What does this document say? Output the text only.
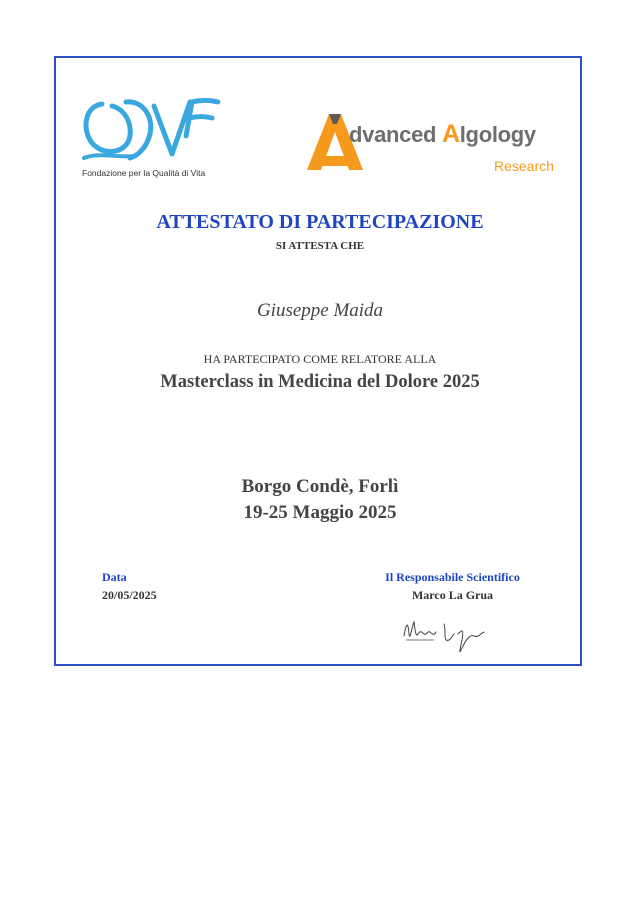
Fondazione per la Qualità di Vita
dvanced Algology
Research
ATTESTATO DI PARTECIPAZIONE
SI ATTESTA CHE
Giuseppe Maida
HA PARTECIPATO COME RELATORE ALLA
Masterclass in Medicina del Dolore 2025
Borgo Condè, Forlì
19-25 Maggio 2025
Data
20/05/2025
Il Responsabile Scientifico
Marco La Grua
